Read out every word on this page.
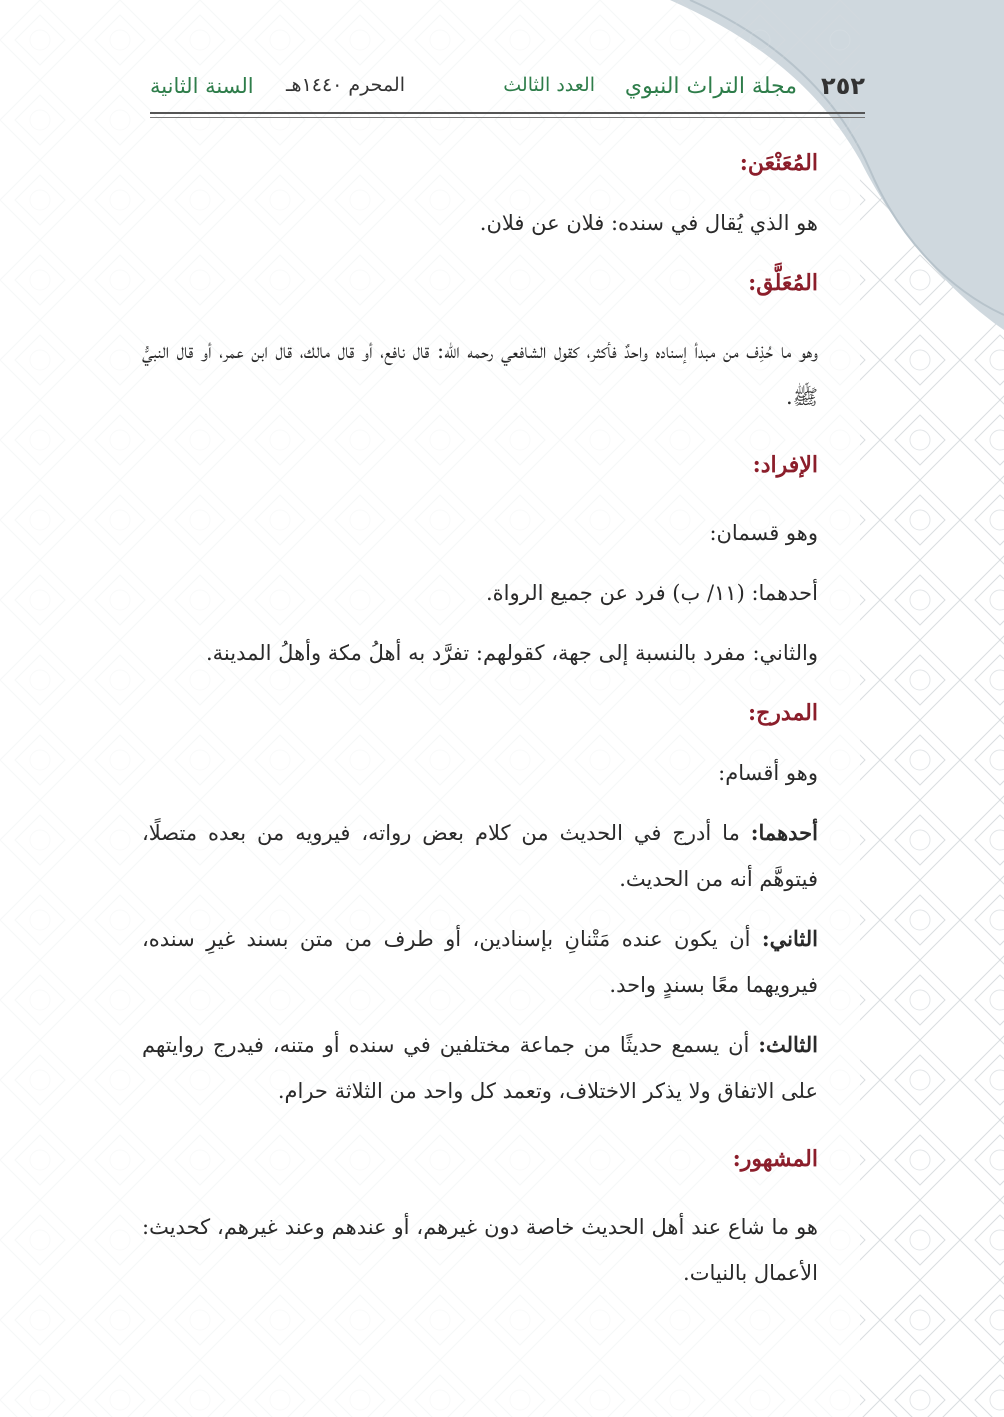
٢٥٢
مجلة التراث النبوي
العدد الثالث
المحرم ١٤٤٠هـ
السنة الثانية

المُعَنْعَن:

هو الذي يُقال في سنده: فلان عن فلان.

المُعَلَّق:

وهو ما حُذِف من مبدأ إسناده واحدٌ فأكثر، كقول الشافعي رحمه الله: قال نافع، أو قال مالك، قال ابن عمر، أو قال النبيُّ ﷺ.

الإفراد:

وهو قسمان:

أحدهما: (١١/ ب) فرد عن جميع الرواة.

والثاني: مفرد بالنسبة إلى جهة، كقولهم: تفرَّد به أهلُ مكة وأهلُ المدينة.

المدرج:

وهو أقسام:

أحدهما: ما أدرج في الحديث من كلام بعض رواته، فيرويه من بعده متصلًا، فيتوهَّم أنه من الحديث.

الثاني: أن يكون عنده مَتْنانِ بإسنادين، أو طرف من متن بسند غيرِ سنده، فيرويهما معًا بسندٍ واحد.

الثالث: أن يسمع حديثًا من جماعة مختلفين في سنده أو متنه، فيدرج روايتهم على الاتفاق ولا يذكر الاختلاف، وتعمد كل واحد من الثلاثة حرام.

المشهور:

هو ما شاع عند أهل الحديث خاصة دون غيرهم، أو عندهم وعند غيرهم، كحديث: الأعمال بالنيات.
